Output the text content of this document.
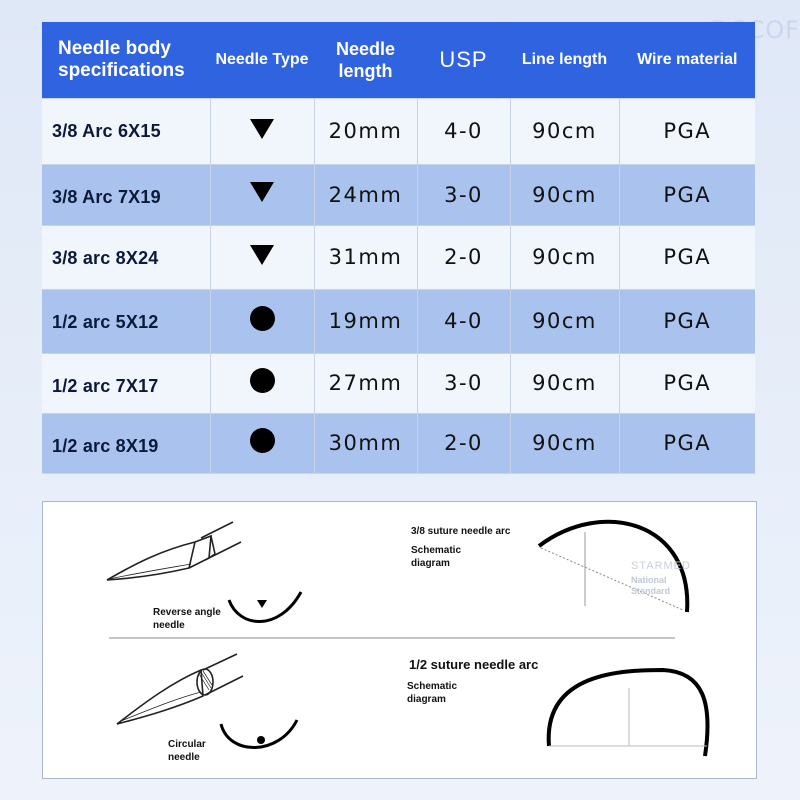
DCCOF
Needle body specifications	Needle Type	Needle length	USP	Line length	Wire material
3/8 Arc 6X15		20mm	4-0	90cm	PGA
3/8 Arc 7X19		24mm	3-0	90cm	PGA
3/8 arc 8X24		31mm	2-0	90cm	PGA
1/2 arc 5X12		19mm	4-0	90cm	PGA
1/2 arc 7X17		27mm	3-0	90cm	PGA
1/2 arc 8X19		30mm	2-0	90cm	PGA
Reverse angle needle
Circular needle
3/8 suture needle arc
Schematic diagram
1/2 suture needle arc
Schematic diagram
STARMED
National Standard
